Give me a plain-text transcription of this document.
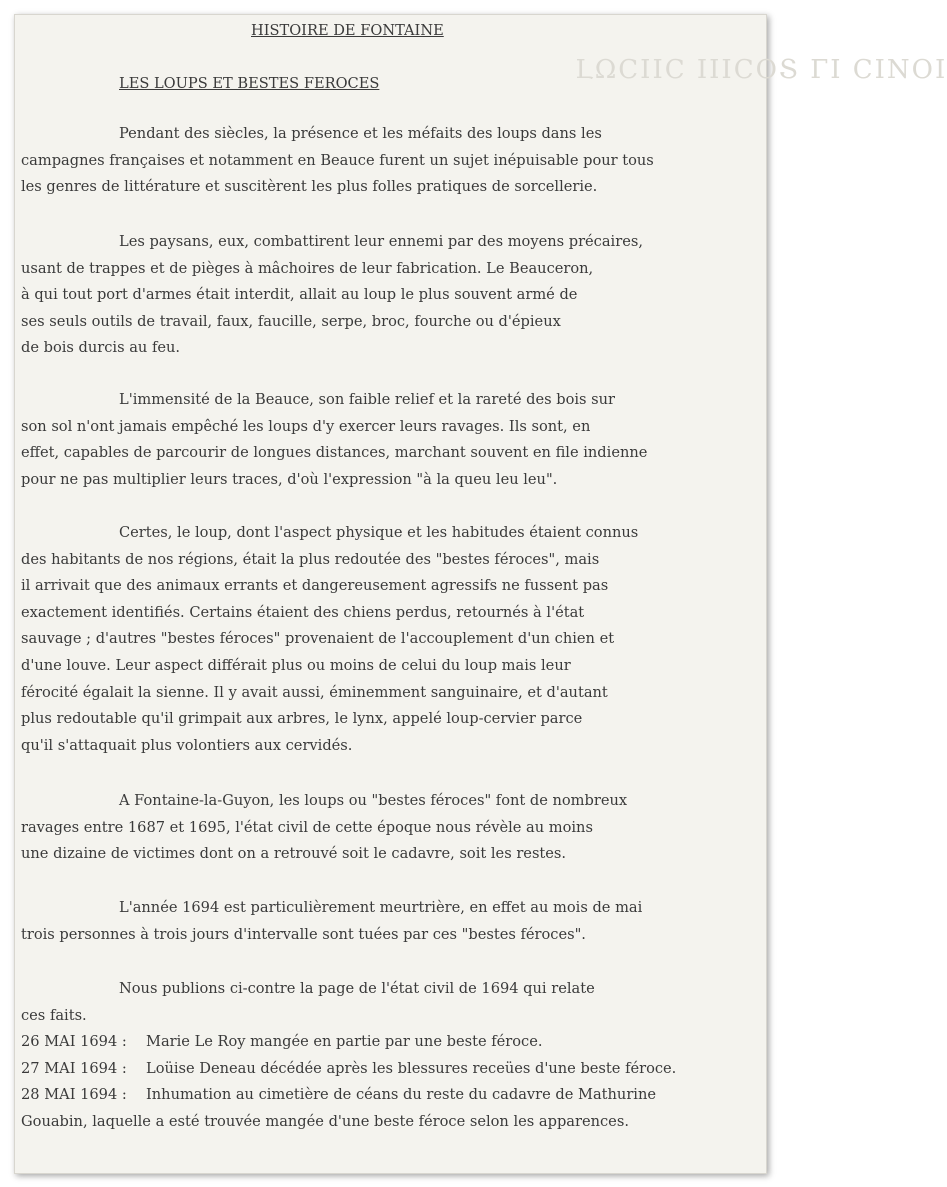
ԼΩϹΙΙϹ ΙΙΙϹΟՏ ΓΙ ϹΙΝΟΙ
HISTOIRE DE FONTAINE
LES LOUPS ET BESTES FEROCES

Pendant des siècles, la présence et les méfaits des loups dans les
campagnes françaises et notamment en Beauce furent un sujet inépuisable pour tous
les genres de littérature et suscitèrent les plus folles pratiques de sorcellerie.

Les paysans, eux, combattirent leur ennemi par des moyens précaires,
usant de trappes et de pièges à mâchoires de leur fabrication. Le Beauceron,
à qui tout port d'armes était interdit, allait au loup le plus souvent armé de
ses seuls outils de travail, faux, faucille, serpe, broc, fourche ou d'épieux
de bois durcis au feu.

L'immensité de la Beauce, son faible relief et la rareté des bois sur
son sol n'ont jamais empêché les loups d'y exercer leurs ravages. Ils sont, en
effet, capables de parcourir de longues distances, marchant souvent en file indienne
pour ne pas multiplier leurs traces, d'où l'expression "à la queu leu leu".

Certes, le loup, dont l'aspect physique et les habitudes étaient connus
des habitants de nos régions, était la plus redoutée des "bestes féroces", mais
il arrivait que des animaux errants et dangereusement agressifs ne fussent pas
exactement identifiés. Certains étaient des chiens perdus, retournés à l'état
sauvage ; d'autres "bestes féroces" provenaient de l'accouplement d'un chien et
d'une louve. Leur aspect différait plus ou moins de celui du loup mais leur
férocité égalait la sienne. Il y avait aussi, éminemment sanguinaire, et d'autant
plus redoutable qu'il grimpait aux arbres, le lynx, appelé loup-cervier parce
qu'il s'attaquait plus volontiers aux cervidés.

A Fontaine-la-Guyon, les loups ou "bestes féroces" font de nombreux
ravages entre 1687 et 1695, l'état civil de cette époque nous révèle au moins
une dizaine de victimes dont on a retrouvé soit le cadavre, soit les restes.

L'année 1694 est particulièrement meurtrière, en effet au mois de mai
trois personnes à trois jours d'intervalle sont tuées par ces "bestes féroces".

Nous publions ci-contre la page de l'état civil de 1694 qui relate
ces faits.

26 MAI 1694 :	Marie Le Roy mangée en partie par une beste féroce.
27 MAI 1694 :	Loüise Deneau décédée après les blessures receües d'une beste féroce.
28 MAI 1694 :	Inhumation au cimetière de céans du reste du cadavre de Mathurine
Gouabin, laquelle a esté trouvée mangée d'une beste féroce selon les apparences.
